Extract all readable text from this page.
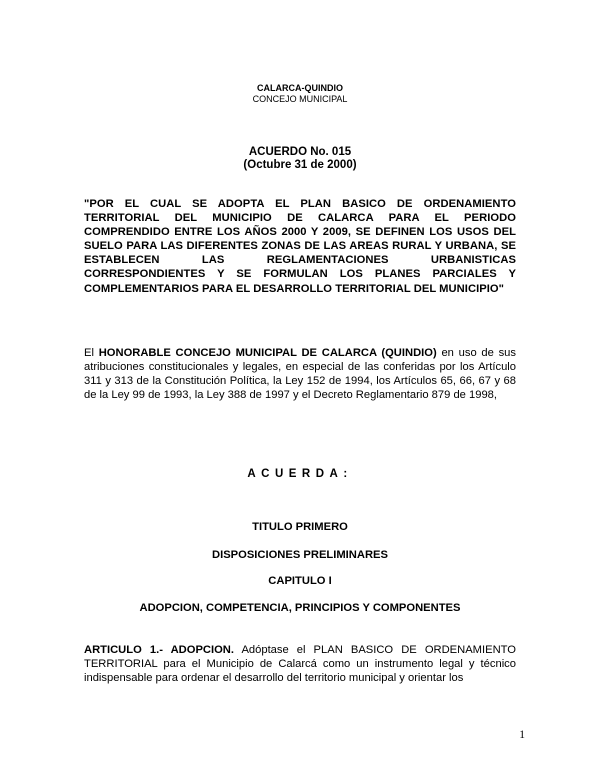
CALARCA-QUINDIO
CONCEJO MUNICIPAL
ACUERDO No. 015
(Octubre 31 de 2000)
"POR EL CUAL SE ADOPTA EL PLAN BASICO DE ORDENAMIENTO TERRITORIAL DEL MUNICIPIO DE CALARCA PARA EL PERIODO COMPRENDIDO ENTRE LOS AÑOS 2000 Y 2009, SE DEFINEN LOS USOS DEL SUELO PARA LAS DIFERENTES ZONAS DE LAS AREAS RURAL Y URBANA, SE ESTABLECEN LAS REGLAMENTACIONES URBANISTICAS CORRESPONDIENTES Y SE FORMULAN LOS PLANES PARCIALES Y COMPLEMENTARIOS PARA EL DESARROLLO TERRITORIAL DEL MUNICIPIO"
El HONORABLE CONCEJO MUNICIPAL DE CALARCA (QUINDIO) en uso de sus atribuciones constitucionales y legales, en especial de las conferidas por los Artículo 311 y 313 de la Constitución Política, la Ley 152 de 1994, los Artículos 65, 66, 67 y 68 de la Ley 99 de 1993, la Ley 388 de 1997 y el Decreto Reglamentario 879 de 1998,
ACUERDA:
TITULO PRIMERO
DISPOSICIONES PRELIMINARES
CAPITULO I
ADOPCION, COMPETENCIA, PRINCIPIOS Y COMPONENTES
ARTICULO 1.- ADOPCION. Adóptase el PLAN BASICO DE ORDENAMIENTO TERRITORIAL para el Municipio de Calarcá como un instrumento legal y técnico indispensable para ordenar el desarrollo del territorio municipal y orientar los
1
